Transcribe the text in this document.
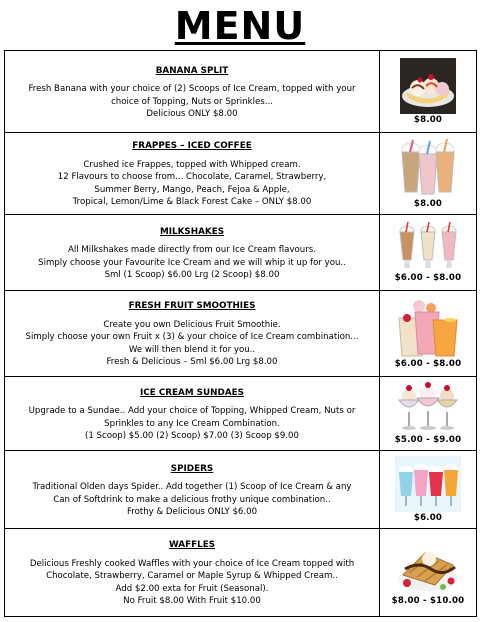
MENU
BANANA SPLIT
Fresh Banana with your choice of (2) Scoops of Ice Cream, topped with your
choice of Topping, Nuts or Sprinkles...
Delicious ONLY $8.00	$8.00

FRAPPES – ICED COFFEE
Crushed ice Frappes, topped with Whipped cream.
12 Flavours to choose from... Chocolate, Caramel, Strawberry,
Summer Berry, Mango, Peach, Fejoa & Apple,
Tropical, Lemon/Lime & Black Forest Cake – ONLY $8.00	$8.00

MILKSHAKES
All Milkshakes made directly from our Ice Cream flavours.
Simply choose your Favourite Ice Cream and we will whip it up for you..
Sml (1 Scoop) $6.00 Lrg (2 Scoop) $8.00	$6.00 - $8.00

FRESH FRUIT SMOOTHIES
Create you own Delicious Fruit Smoothie.
Simply choose your own Fruit x (3) & your choice of Ice Cream combination...
We will then blend it for you..
Fresh & Delicious – Sml $6.00 Lrg $8.00	$6.00 - $8.00

ICE CREAM SUNDAES
Upgrade to a Sundae.. Add your choice of Topping, Whipped Cream, Nuts or
Sprinkles to any Ice Cream Combination.
(1 Scoop) $5.00 (2) Scoop) $7.00 (3) Scoop $9.00	$5.00 - $9.00

SPIDERS
Traditional Olden days Spider.. Add together (1) Scoop of Ice Cream & any
Can of Softdrink to make a delicious frothy unique combination..
Frothy & Delicious ONLY $6.00	$6.00

WAFFLES
Delicious Freshly cooked Waffles with your choice of Ice Cream topped with
Chocolate, Strawberry, Caramel or Maple Syrup & Whipped Cream..
Add $2.00 exta for Fruit (Seasonal).
No Fruit $8.00 With Fruit $10.00	$8.00 - $10.00
